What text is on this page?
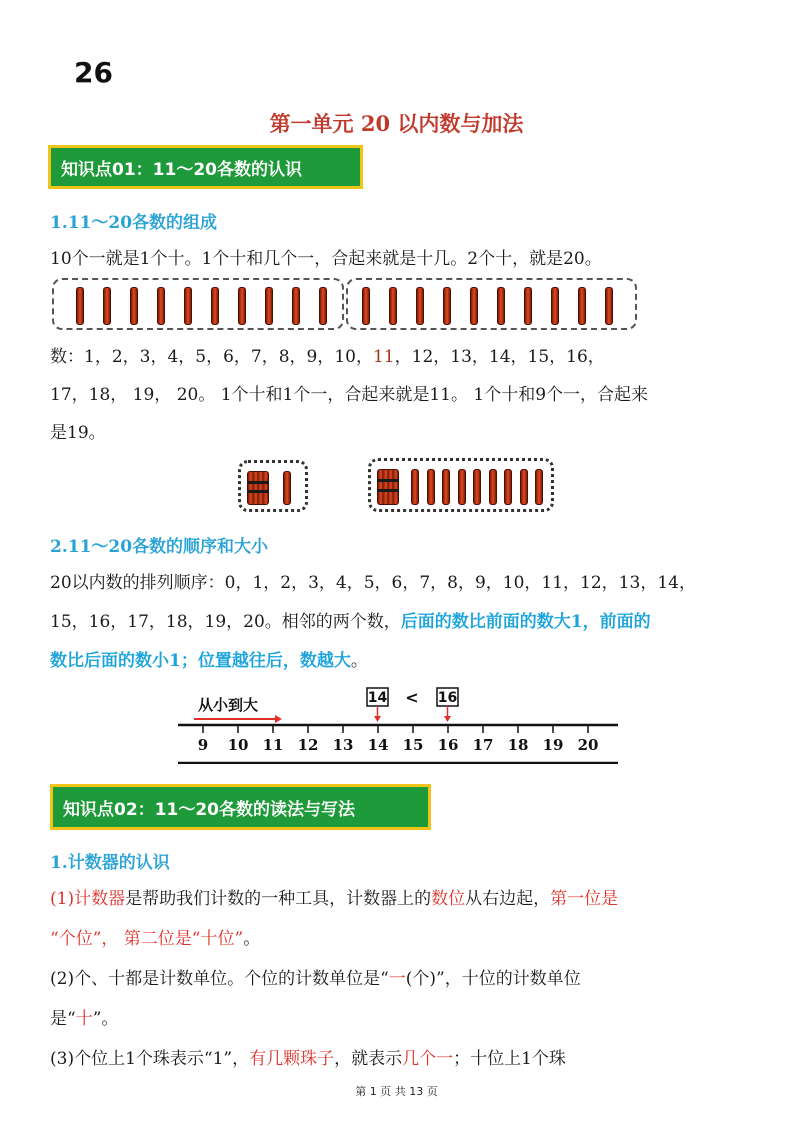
26
第一单元 20 以内数与加法
知识点01：11～20各数的认识
1.11～20各数的组成
10个一就是1个十。1个十和几个一，合起来就是十几。2个十，就是20。
数：1，2，3，4，5，6，7，8，9，10，11，12，13，14，15，16，
17，18， 19， 20。 1个十和1个一，合起来就是11。 1个十和9个一，合起来
是19。
2.11～20各数的顺序和大小
20以内数的排列顺序：0，1，2，3，4，5，6，7，8，9，10，11，12，13，14，
15，16，17，18，19，20。相邻的两个数，后面的数比前面的数大1，前面的
数比后面的数小1；位置越往后，数越大。
从小到大
9 10 11 12 13 14 15 16 17 18 19 20
14 < 16
知识点02：11～20各数的读法与写法
1.计数器的认识
(1)计数器是帮助我们计数的一种工具，计数器上的数位从右边起，第一位是
“个位”， 第二位是“十位”。
(2)个、十都是计数单位。个位的计数单位是“一(个)”，十位的计数单位
是“十”。
(3)个位上1个珠表示“1”，有几颗珠子，就表示几个一；十位上1个珠
第 1 页 共 13 页
